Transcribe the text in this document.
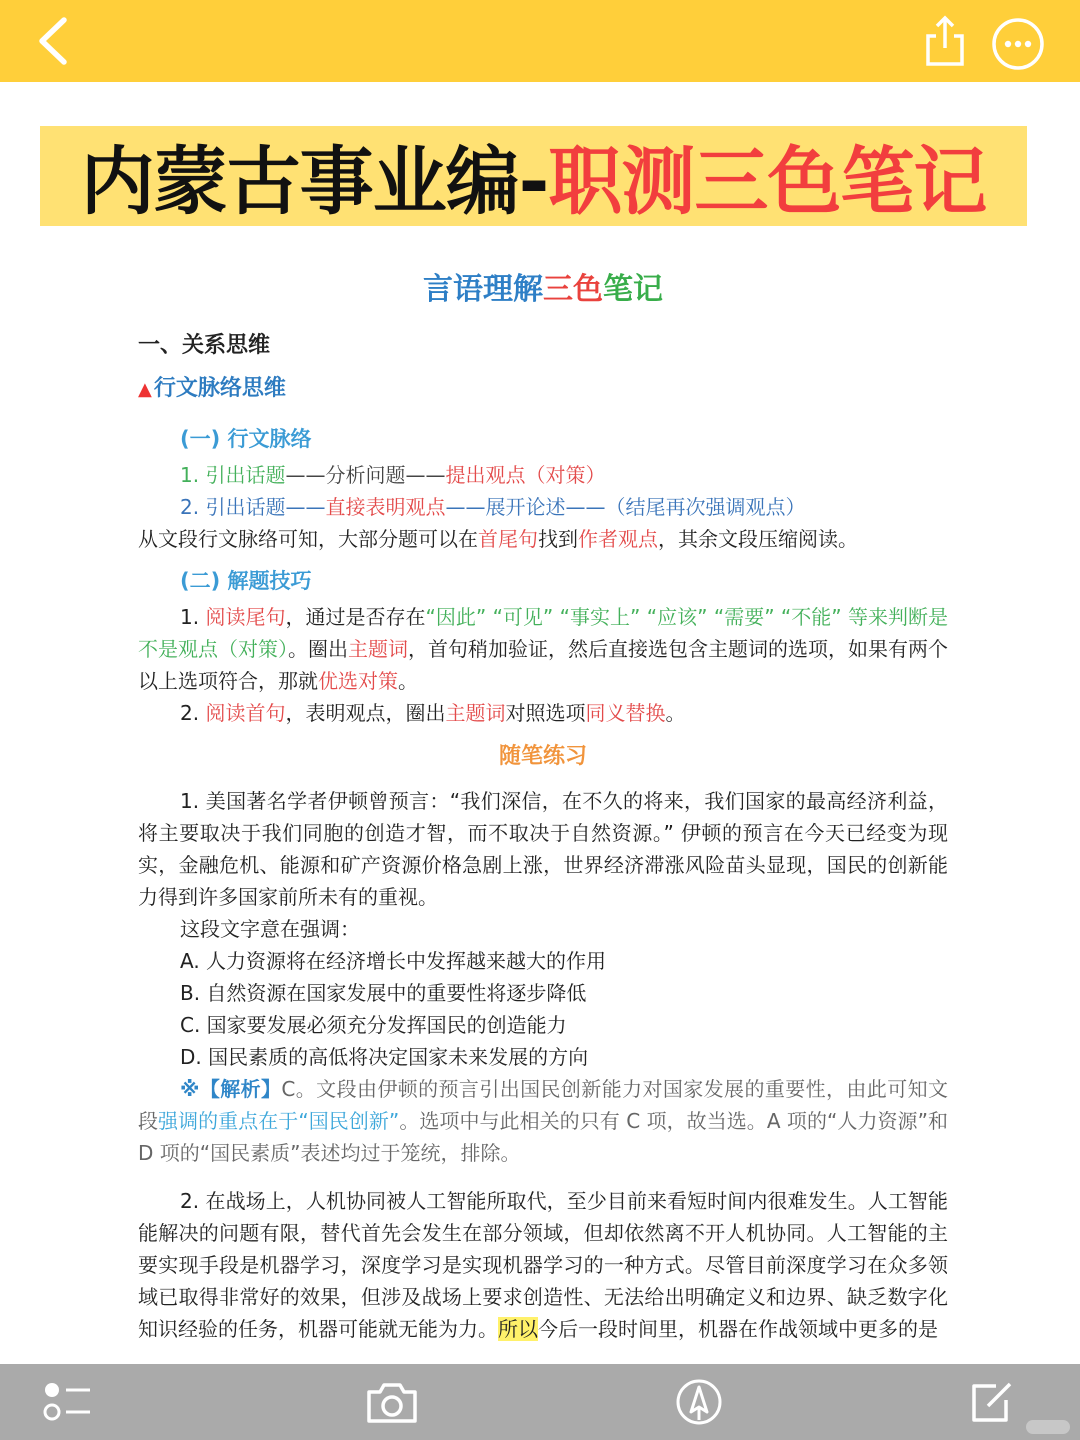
内蒙古事业编- 职测三色笔记
言语理解三色笔记
一、关系思维
▲行文脉络思维
(一) 行文脉络
1. 引出话题——分析问题——提出观点（对策）
2. 引出话题——直接表明观点——展开论述——（结尾再次强调观点）
从文段行文脉络可知，大部分题可以在首尾句找到作者观点，其余文段压缩阅读。
(二) 解题技巧
1. 阅读尾句，通过是否存在“因此” “可见” “事实上” “应该” “需要” “不能” 等来判断是不是观点（对策）。圈出主题词，首句稍加验证，然后直接选包含主题词的选项，如果有两个以上选项符合，那就优选对策。
2. 阅读首句，表明观点，圈出主题词对照选项同义替换。
随笔练习
1. 美国著名学者伊顿曾预言：“我们深信，在不久的将来，我们国家的最高经济利益，将主要取决于我们同胞的创造才智，而不取决于自然资源。” 伊顿的预言在今天已经变为现实，金融危机、能源和矿产资源价格急剧上涨，世界经济滞涨风险苗头显现，国民的创新能力得到许多国家前所未有的重视。
这段文字意在强调：
A. 人力资源将在经济增长中发挥越来越大的作用
B. 自然资源在国家发展中的重要性将逐步降低
C. 国家要发展必须充分发挥国民的创造能力
D. 国民素质的高低将决定国家未来发展的方向
※【解析】C。文段由伊顿的预言引出国民创新能力对国家发展的重要性，由此可知文段强调的重点在于“国民创新”。选项中与此相关的只有 C 项，故当选。A 项的“人力资源”和 D 项的“国民素质”表述均过于笼统，排除。
2. 在战场上，人机协同被人工智能所取代，至少目前来看短时间内很难发生。人工智能能解决的问题有限，替代首先会发生在部分领域，但却依然离不开人机协同。人工智能的主要实现手段是机器学习，深度学习是实现机器学习的一种方式。尽管目前深度学习在众多领域已取得非常好的效果，但涉及战场上要求创造性、无法给出明确定义和边界、缺乏数字化知识经验的任务，机器可能就无能为力。所以今后一段时间里，机器在作战领域中更多的是
